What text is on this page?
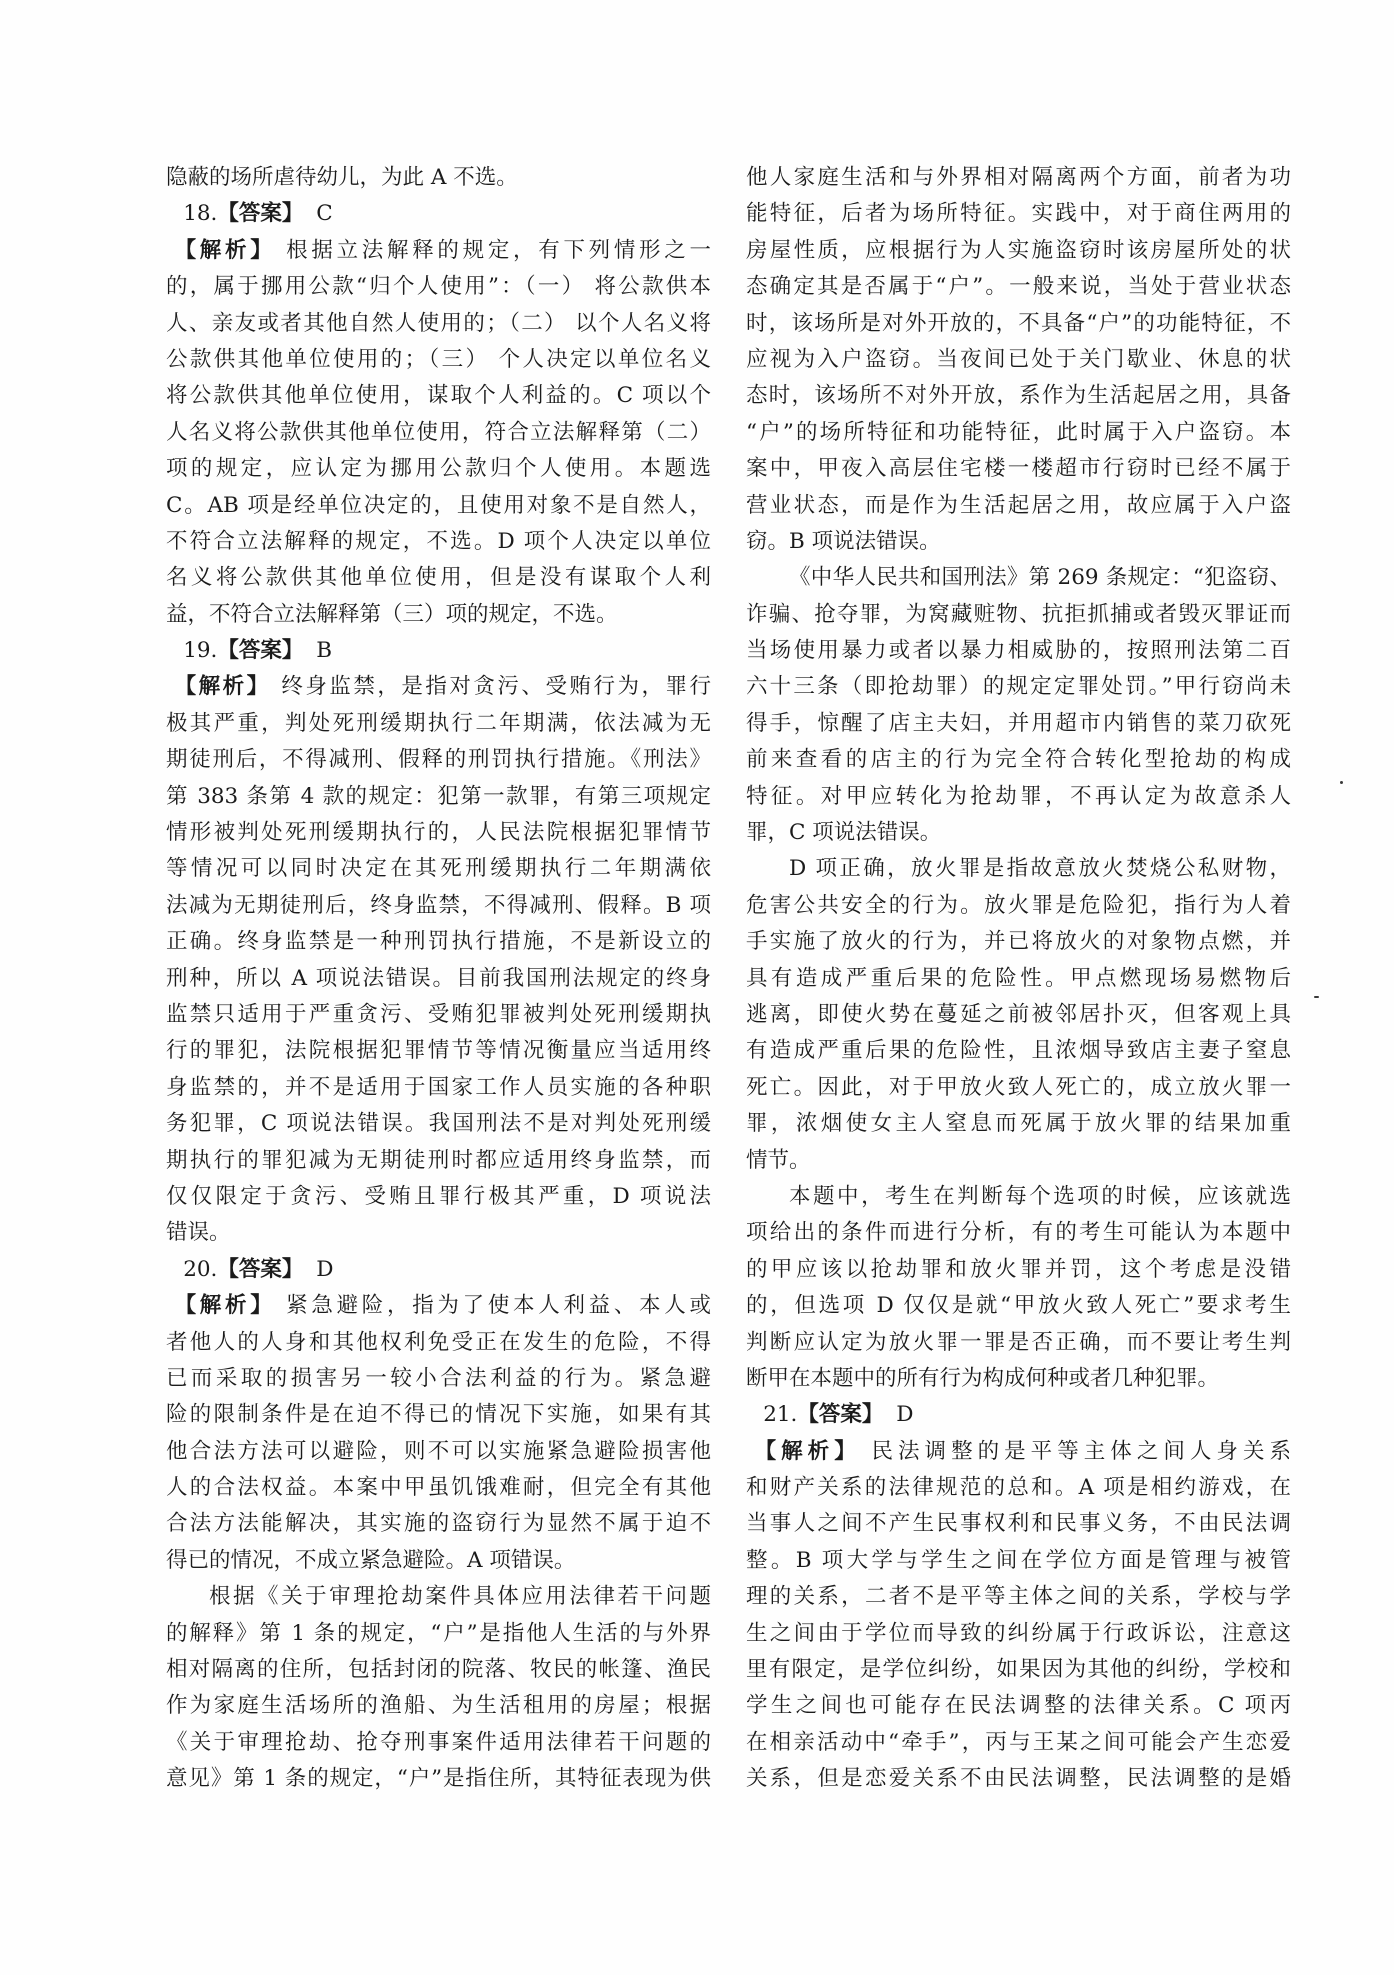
隐蔽的场所虐待幼儿，为此 A 不选。
18.【答案】 C
【解析】 根据立法解释的规定，有下列情形之一
的，属于挪用公款“归个人使用”：（一） 将公款供本
人、亲友或者其他自然人使用的；（二） 以个人名义将
公款供其他单位使用的；（三） 个人决定以单位名义
将公款供其他单位使用，谋取个人利益的。C 项以个
人名义将公款供其他单位使用，符合立法解释第（二）
项的规定，应认定为挪用公款归个人使用。本题选
C。AB 项是经单位决定的，且使用对象不是自然人，
不符合立法解释的规定，不选。D 项个人决定以单位
名义将公款供其他单位使用，但是没有谋取个人利
益，不符合立法解释第（三）项的规定，不选。
19.【答案】 B
【解析】 终身监禁，是指对贪污、受贿行为，罪行
极其严重，判处死刑缓期执行二年期满，依法减为无
期徒刑后，不得减刑、假释的刑罚执行措施。《刑法》
第 383 条第 4 款的规定：犯第一款罪，有第三项规定
情形被判处死刑缓期执行的，人民法院根据犯罪情节
等情况可以同时决定在其死刑缓期执行二年期满依
法减为无期徒刑后，终身监禁，不得减刑、假释。B 项
正确。终身监禁是一种刑罚执行措施，不是新设立的
刑种，所以 A 项说法错误。目前我国刑法规定的终身
监禁只适用于严重贪污、受贿犯罪被判处死刑缓期执
行的罪犯，法院根据犯罪情节等情况衡量应当适用终
身监禁的，并不是适用于国家工作人员实施的各种职
务犯罪，C 项说法错误。我国刑法不是对判处死刑缓
期执行的罪犯减为无期徒刑时都应适用终身监禁，而
仅仅限定于贪污、受贿且罪行极其严重，D 项说法
错误。
20.【答案】 D
【解析】 紧急避险，指为了使本人利益、本人或
者他人的人身和其他权利免受正在发生的危险，不得
已而采取的损害另一较小合法利益的行为。紧急避
险的限制条件是在迫不得已的情况下实施，如果有其
他合法方法可以避险，则不可以实施紧急避险损害他
人的合法权益。本案中甲虽饥饿难耐，但完全有其他
合法方法能解决，其实施的盗窃行为显然不属于迫不
得已的情况，不成立紧急避险。A 项错误。
根据《关于审理抢劫案件具体应用法律若干问题
的解释》第 1 条的规定，“户”是指他人生活的与外界
相对隔离的住所，包括封闭的院落、牧民的帐篷、渔民
作为家庭生活场所的渔船、为生活租用的房屋；根据
《关于审理抢劫、抢夺刑事案件适用法律若干问题的
意见》第 1 条的规定，“户”是指住所，其特征表现为供
他人家庭生活和与外界相对隔离两个方面，前者为功
能特征，后者为场所特征。实践中，对于商住两用的
房屋性质，应根据行为人实施盗窃时该房屋所处的状
态确定其是否属于“户”。一般来说，当处于营业状态
时，该场所是对外开放的，不具备“户”的功能特征，不
应视为入户盗窃。当夜间已处于关门歇业、休息的状
态时，该场所不对外开放，系作为生活起居之用，具备
“户”的场所特征和功能特征，此时属于入户盗窃。本
案中，甲夜入高层住宅楼一楼超市行窃时已经不属于
营业状态，而是作为生活起居之用，故应属于入户盗
窃。B 项说法错误。
《中华人民共和国刑法》第 269 条规定：“犯盗窃、
诈骗、抢夺罪，为窝藏赃物、抗拒抓捕或者毁灭罪证而
当场使用暴力或者以暴力相威胁的，按照刑法第二百
六十三条（即抢劫罪）的规定定罪处罚。”甲行窃尚未
得手，惊醒了店主夫妇，并用超市内销售的菜刀砍死
前来查看的店主的行为完全符合转化型抢劫的构成
特征。对甲应转化为抢劫罪，不再认定为故意杀人
罪，C 项说法错误。
D 项正确，放火罪是指故意放火焚烧公私财物，
危害公共安全的行为。放火罪是危险犯，指行为人着
手实施了放火的行为，并已将放火的对象物点燃，并
具有造成严重后果的危险性。甲点燃现场易燃物后
逃离，即使火势在蔓延之前被邻居扑灭，但客观上具
有造成严重后果的危险性，且浓烟导致店主妻子窒息
死亡。因此，对于甲放火致人死亡的，成立放火罪一
罪，浓烟使女主人窒息而死属于放火罪的结果加重
情节。
本题中，考生在判断每个选项的时候，应该就选
项给出的条件而进行分析，有的考生可能认为本题中
的甲应该以抢劫罪和放火罪并罚，这个考虑是没错
的，但选项 D 仅仅是就“甲放火致人死亡”要求考生
判断应认定为放火罪一罪是否正确，而不要让考生判
断甲在本题中的所有行为构成何种或者几种犯罪。
21.【答案】 D
【解析】 民法调整的是平等主体之间人身关系
和财产关系的法律规范的总和。A 项是相约游戏，在
当事人之间不产生民事权利和民事义务，不由民法调
整。B 项大学与学生之间在学位方面是管理与被管
理的关系，二者不是平等主体之间的关系，学校与学
生之间由于学位而导致的纠纷属于行政诉讼，注意这
里有限定，是学位纠纷，如果因为其他的纠纷，学校和
学生之间也可能存在民法调整的法律关系。C 项丙
在相亲活动中“牵手”，丙与王某之间可能会产生恋爱
关系，但是恋爱关系不由民法调整，民法调整的是婚
